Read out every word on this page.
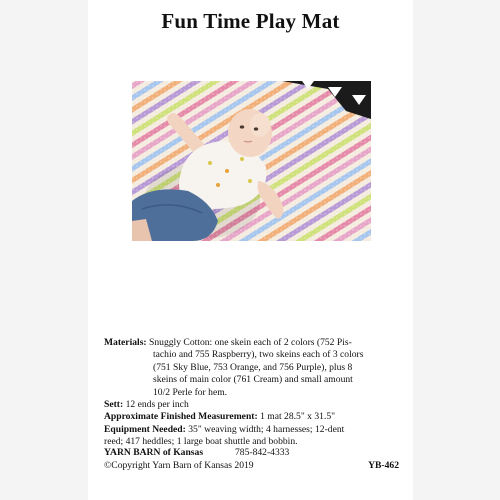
Fun Time Play Mat
Materials: Snuggly Cotton: one skein each of 2 colors (752 Pis-
tachio and 755 Raspberry), two skeins each of 3 colors
(751 Sky Blue, 753 Orange, and 756 Purple), plus 8
skeins of main color (761 Cream) and small amount
10/2 Perle for hem.
Sett: 12 ends per inch
Approximate Finished Measurement: 1 mat 28.5" x 31.5"
Equipment Needed: 35" weaving width; 4 harnesses; 12-dent
reed; 417 heddles; 1 large boat shuttle and bobbin.
YARN BARN of Kansas	785-842-4333
©Copyright Yarn Barn of Kansas 2019	YB-462
